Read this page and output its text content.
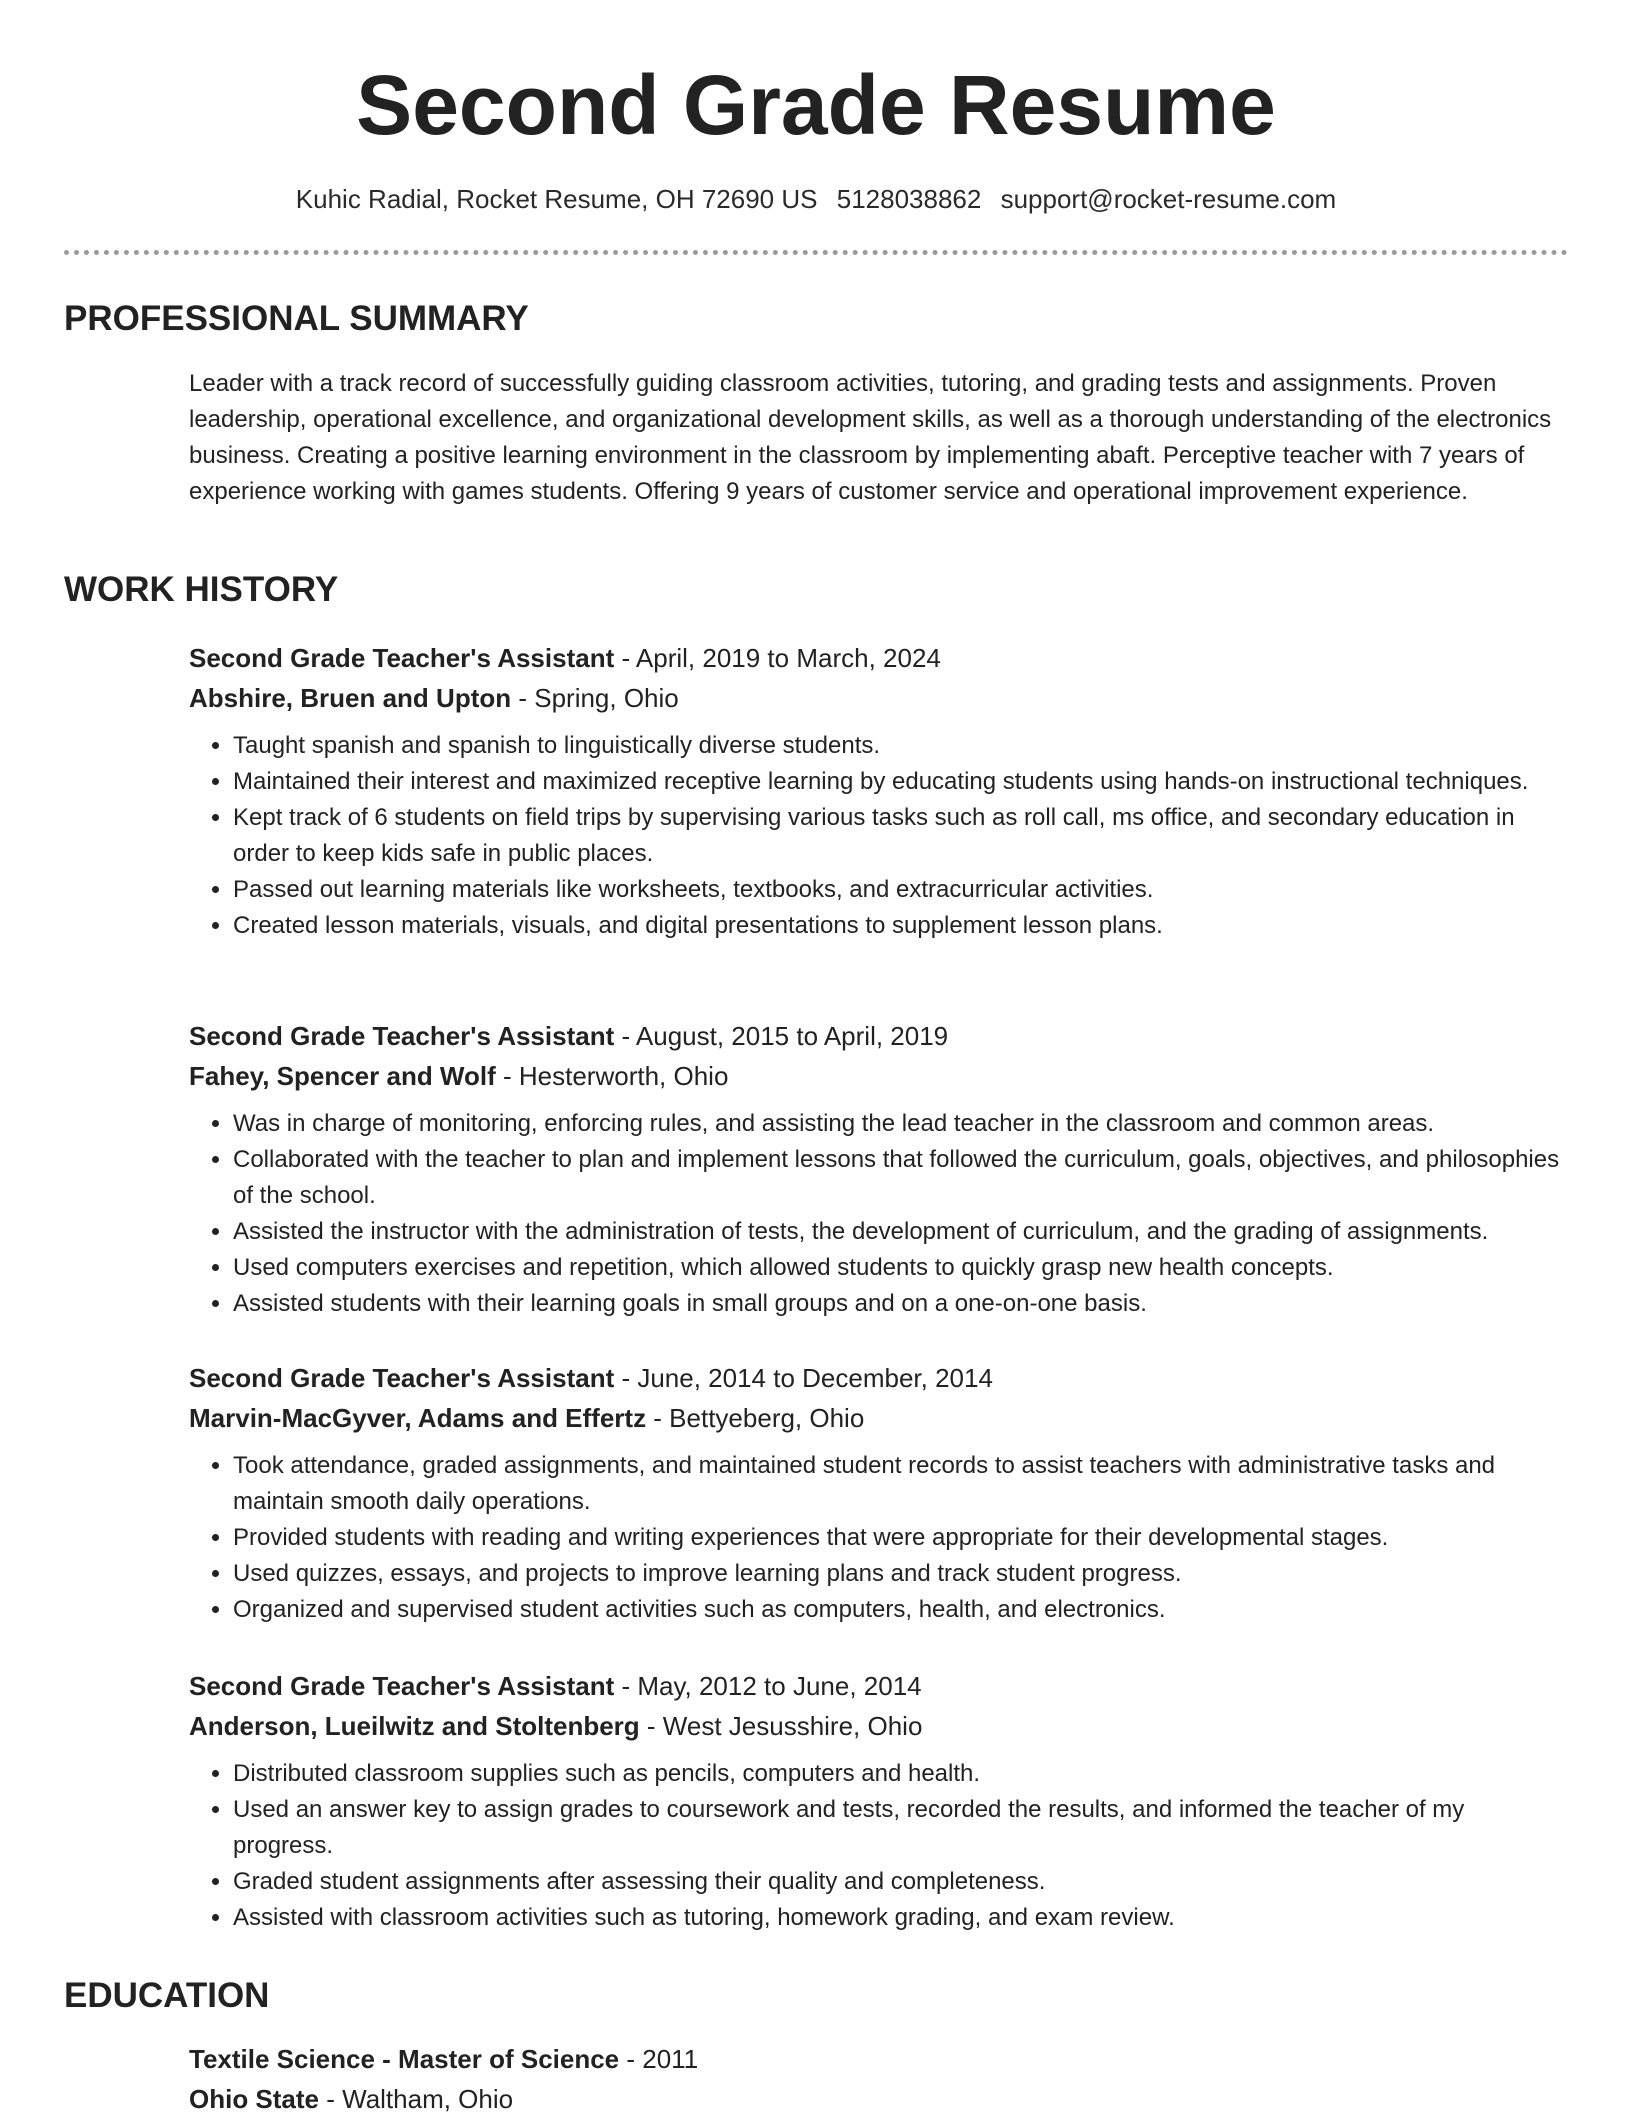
Second Grade Resume
Kuhic Radial, Rocket Resume, OH 72690 US 5128038862 support@rocket-resume.com
PROFESSIONAL SUMMARY

Leader with a track record of successfully guiding classroom activities, tutoring, and grading tests and assignments. Proven leadership, operational excellence, and organizational development skills, as well as a thorough understanding of the electronics business. Creating a positive learning environment in the classroom by implementing abaft. Perceptive teacher with 7 years of experience working with games students. Offering 9 years of customer service and operational improvement experience.

WORK HISTORY
Second Grade Teacher's Assistant - April, 2019 to March, 2024
Abshire, Bruen and Upton - Spring, Ohio
• Taught spanish and spanish to linguistically diverse students.
• Maintained their interest and maximized receptive learning by educating students using hands-on instructional techniques.
• Kept track of 6 students on field trips by supervising various tasks such as roll call, ms office, and secondary education in order to keep kids safe in public places.
• Passed out learning materials like worksheets, textbooks, and extracurricular activities.
• Created lesson materials, visuals, and digital presentations to supplement lesson plans.
Second Grade Teacher's Assistant - August, 2015 to April, 2019
Fahey, Spencer and Wolf - Hesterworth, Ohio
• Was in charge of monitoring, enforcing rules, and assisting the lead teacher in the classroom and common areas.
• Collaborated with the teacher to plan and implement lessons that followed the curriculum, goals, objectives, and philosophies of the school.
• Assisted the instructor with the administration of tests, the development of curriculum, and the grading of assignments.
• Used computers exercises and repetition, which allowed students to quickly grasp new health concepts.
• Assisted students with their learning goals in small groups and on a one-on-one basis.
Second Grade Teacher's Assistant - June, 2014 to December, 2014
Marvin-MacGyver, Adams and Effertz - Bettyeberg, Ohio
• Took attendance, graded assignments, and maintained student records to assist teachers with administrative tasks and maintain smooth daily operations.
• Provided students with reading and writing experiences that were appropriate for their developmental stages.
• Used quizzes, essays, and projects to improve learning plans and track student progress.
• Organized and supervised student activities such as computers, health, and electronics.
Second Grade Teacher's Assistant - May, 2012 to June, 2014
Anderson, Lueilwitz and Stoltenberg - West Jesusshire, Ohio
• Distributed classroom supplies such as pencils, computers and health.
• Used an answer key to assign grades to coursework and tests, recorded the results, and informed the teacher of my progress.
• Graded student assignments after assessing their quality and completeness.
• Assisted with classroom activities such as tutoring, homework grading, and exam review.
EDUCATION
Textile Science - Master of Science - 2011
Ohio State - Waltham, Ohio
